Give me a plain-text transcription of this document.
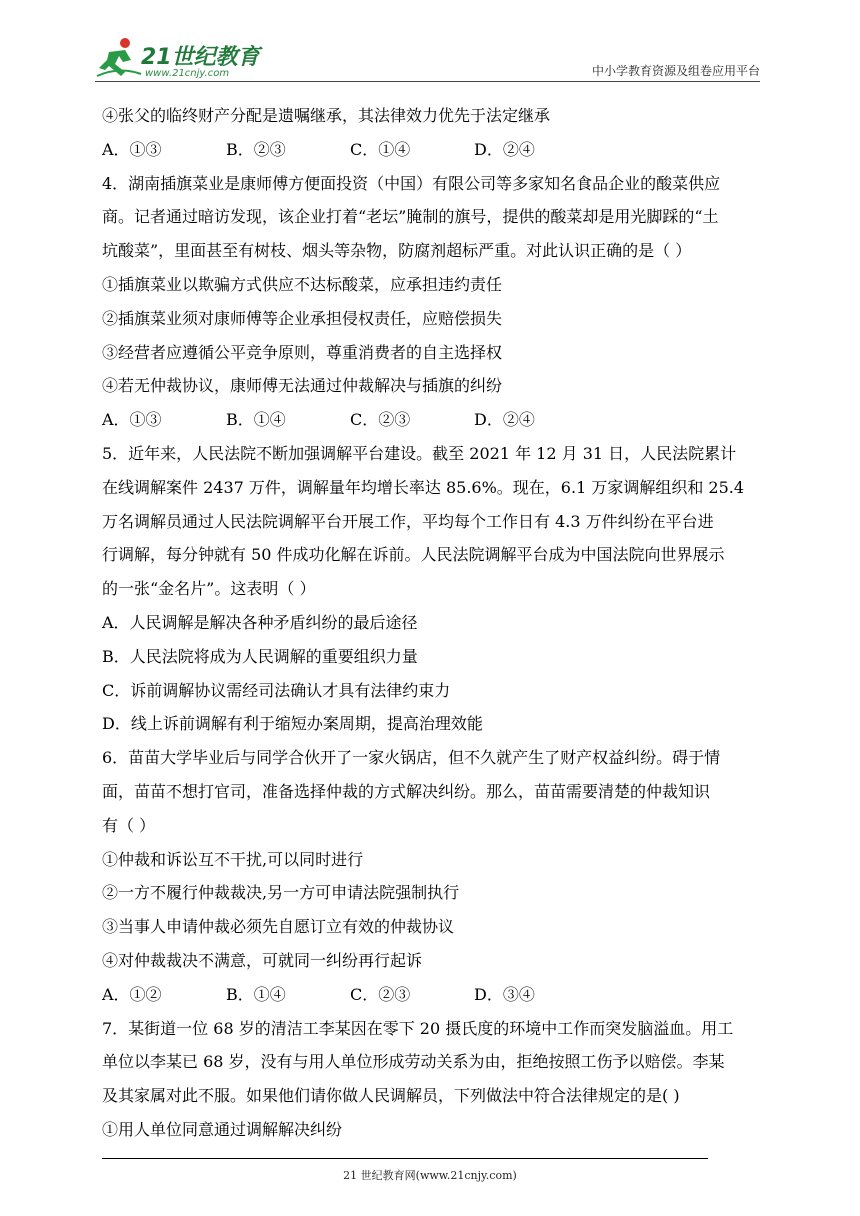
21世纪教育
www.21cnjy.com	中小学教育资源及组卷应用平台
④张父的临终财产分配是遗嘱继承，其法律效力优先于法定继承
A．①③	B．②③	C．①④	D．②④
4．湖南插旗菜业是康师傅方便面投资（中国）有限公司等多家知名食品企业的酸菜供应
商。记者通过暗访发现，该企业打着“老坛”腌制的旗号，提供的酸菜却是用光脚踩的“土
坑酸菜”，里面甚至有树枝、烟头等杂物，防腐剂超标严重。对此认识正确的是（ ）
①插旗菜业以欺骗方式供应不达标酸菜，应承担违约责任
②插旗菜业须对康师傅等企业承担侵权责任，应赔偿损失
③经营者应遵循公平竞争原则，尊重消费者的自主选择权
④若无仲裁协议，康师傅无法通过仲裁解决与插旗的纠纷
A．①③	B．①④	C．②③	D．②④
5．近年来，人民法院不断加强调解平台建设。截至 2021 年 12 月 31 日，人民法院累计
在线调解案件 2437 万件，调解量年均增长率达 85.6%。现在，6.1 万家调解组织和 25.4
万名调解员通过人民法院调解平台开展工作，平均每个工作日有 4.3 万件纠纷在平台进
行调解，每分钟就有 50 件成功化解在诉前。人民法院调解平台成为中国法院向世界展示
的一张“金名片”。这表明（ ）
A．人民调解是解决各种矛盾纠纷的最后途径
B．人民法院将成为人民调解的重要组织力量
C．诉前调解协议需经司法确认才具有法律约束力
D．线上诉前调解有利于缩短办案周期，提高治理效能
6．苗苗大学毕业后与同学合伙开了一家火锅店，但不久就产生了财产权益纠纷。碍于情
面，苗苗不想打官司，准备选择仲裁的方式解决纠纷。那么，苗苗需要清楚的仲裁知识
有（ ）
①仲裁和诉讼互不干扰,可以同时进行
②一方不履行仲裁裁决,另一方可申请法院强制执行
③当事人申请仲裁必须先自愿订立有效的仲裁协议
④对仲裁裁决不满意，可就同一纠纷再行起诉
A．①②	B．①④	C．②③	D．③④
7．某街道一位 68 岁的清洁工李某因在零下 20 摄氏度的环境中工作而突发脑溢血。用工
单位以李某已 68 岁，没有与用人单位形成劳动关系为由，拒绝按照工伤予以赔偿。李某
及其家属对此不服。如果他们请你做人民调解员，下列做法中符合法律规定的是( )
①用人单位同意通过调解解决纠纷
21 世纪教育网(www.21cnjy.com)
